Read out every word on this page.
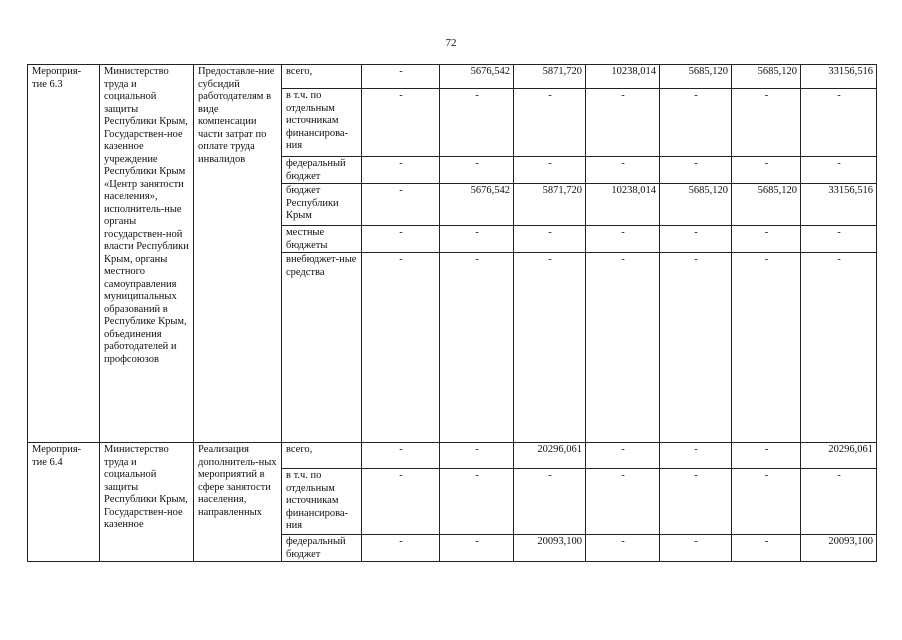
72
Мероприя-тие 6.3	Министерство труда и социальной защиты Республики Крым, Государствен-ное казенное учреждение Республики Крым «Центр занятости населения», исполнитель-ные органы государствен-ной власти Республики Крым, органы местного самоуправления муниципальных образований в Республике Крым, объединения работодателей и профсоюзов	Предоставле-ние субсидий работодателям в виде компенсации части затрат по оплате труда инвалидов	всего,	-	5676,542	5871,720	10238,014	5685,120	5685,120	33156,516
			в т.ч. по отдельным источникам финансирова-ния	-	-	-	-	-	-	-
			федеральный бюджет	-	-	-	-	-	-	-
			бюджет Республики Крым	-	5676,542	5871,720	10238,014	5685,120	5685,120	33156,516
			местные бюджеты	-	-	-	-	-	-	-
			внебюджет-ные средства	-	-	-	-	-	-	-
Мероприя-тие 6.4	Министерство труда и социальной защиты Республики Крым, Государствен-ное казенное	Реализация дополнитель-ных мероприятий в сфере занятости населения, направленных	всего,	-	-	20296,061	-	-	-	20296,061
			в т.ч. по отдельным источникам финансирова-ния	-	-	-	-	-	-	-
			федеральный бюджет	-	-	20093,100	-	-	-	20093,100
